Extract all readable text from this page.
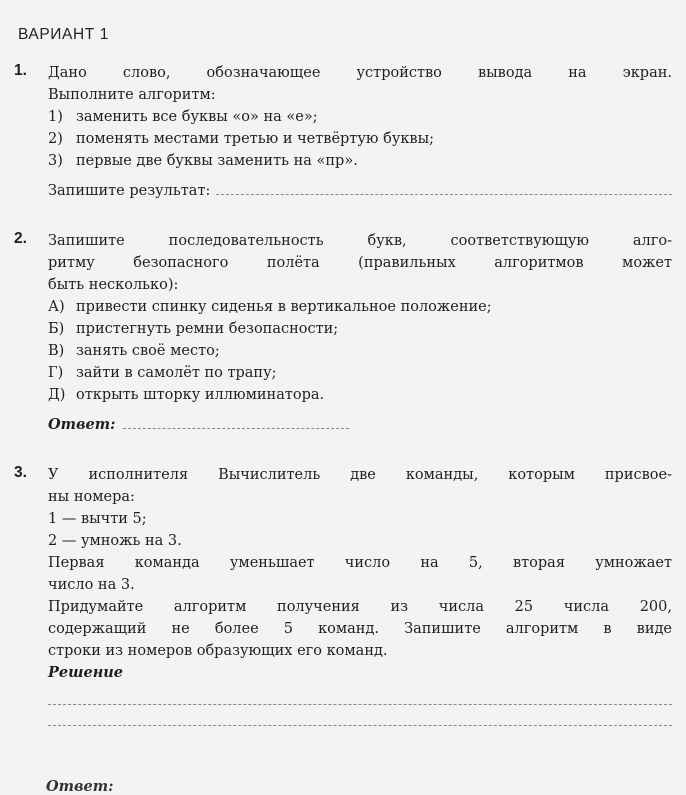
ВАРИАНТ 1
1. Дано слово, обозначающее устройство вывода на экран.

Выполните алгоритм:

1) заменить все буквы «о» на «е»;
2) поменять местами третью и четвёртую буквы;
3) первые две буквы заменить на «пр».
Запишите результат:
2. Запишите последовательность букв, соответствующую алго-

ритму безопасного полёта (правильных алгоритмов может

быть несколько):

А) привести спинку сиденья в вертикальное положение;
Б) пристегнуть ремни безопасности;
В) занять своё место;
Г) зайти в самолёт по трапу;
Д) открыть шторку иллюминатора.
Ответ:
3. У исполнителя Вычислитель две команды, которым присвое-

ны номера:

1 — вычти 5;

2 — умножь на 3.

Первая команда уменьшает число на 5, вторая умножает

число на 3.

Придумайте алгоритм получения из числа 25 числа 200,

содержащий не более 5 команд. Запишите алгоритм в виде

строки из номеров образующих его команд.

Решение

Ответ:
